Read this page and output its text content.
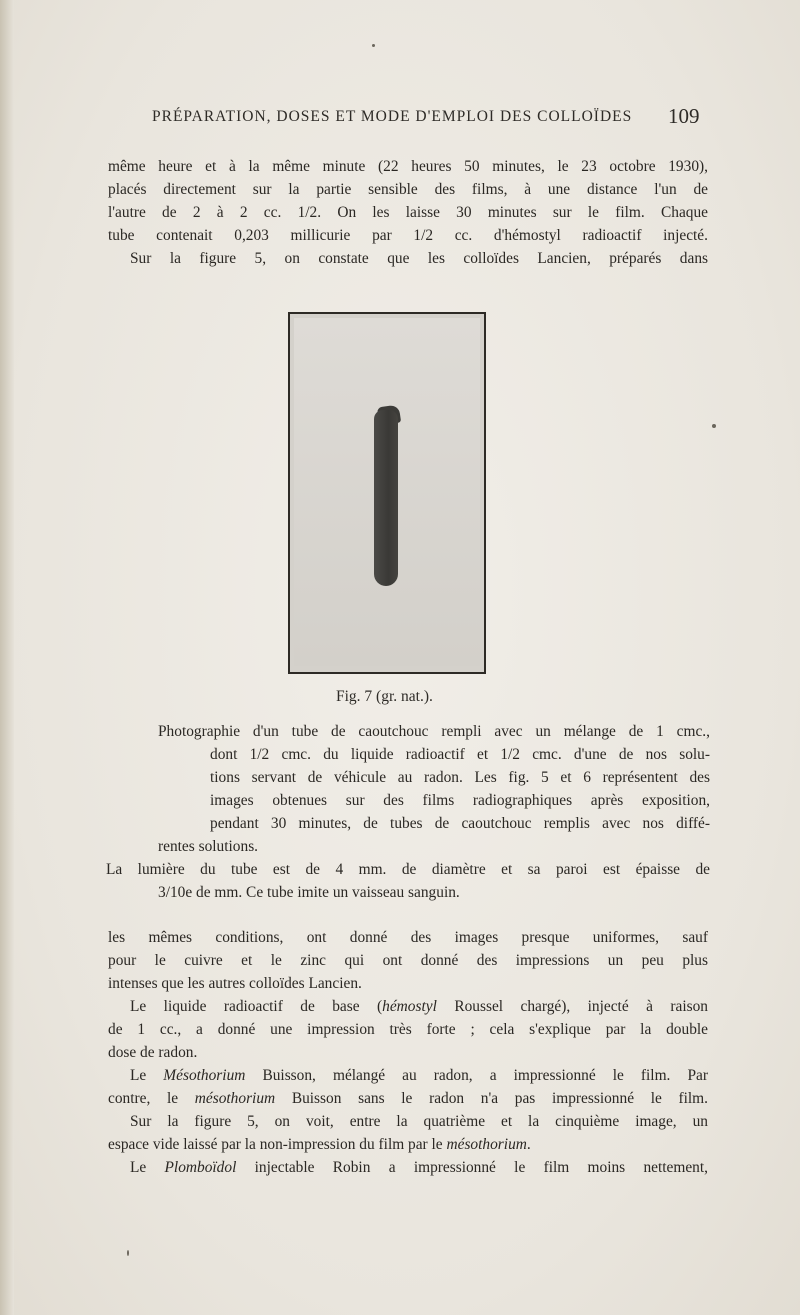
PRÉPARATION, DOSES ET MODE D'EMPLOI DES COLLOÏDES	109

même heure et à la même minute (22 heures 50 minutes, le 23 octobre 1930),
placés directement sur la partie sensible des films, à une distance l'un de
l'autre de 2 à 2 cc. 1/2. On les laisse 30 minutes sur le film. Chaque
tube contenait 0,203 millicurie par 1/2 cc. d'hémostyl radioactif injecté.
Sur la figure 5, on constate que les colloïdes Lancien, préparés dans

Fig. 7 (gr. nat.).

Photographie d'un tube de caoutchouc rempli avec un mélange de 1 cmc.,
dont 1/2 cmc. du liquide radioactif et 1/2 cmc. d'une de nos solu-
tions servant de véhicule au radon. Les fig. 5 et 6 représentent des
images obtenues sur des films radiographiques après exposition,
pendant 30 minutes, de tubes de caoutchouc remplis avec nos diffé-
rentes solutions.

La lumière du tube est de 4 mm. de diamètre et sa paroi est épaisse de
3/10e de mm. Ce tube imite un vaisseau sanguin.

les mêmes conditions, ont donné des images presque uniformes, sauf
pour le cuivre et le zinc qui ont donné des impressions un peu plus
intenses que les autres colloïdes Lancien.

Le liquide radioactif de base (hémostyl Roussel chargé), injecté à raison
de 1 cc., a donné une impression très forte ; cela s'explique par la double
dose de radon.

Le Mésothorium Buisson, mélangé au radon, a impressionné le film. Par
contre, le mésothorium Buisson sans le radon n'a pas impressionné le film.

Sur la figure 5, on voit, entre la quatrième et la cinquième image, un
espace vide laissé par la non-impression du film par le mésothorium.

Le Plomboïdol injectable Robin a impressionné le film moins nettement,
